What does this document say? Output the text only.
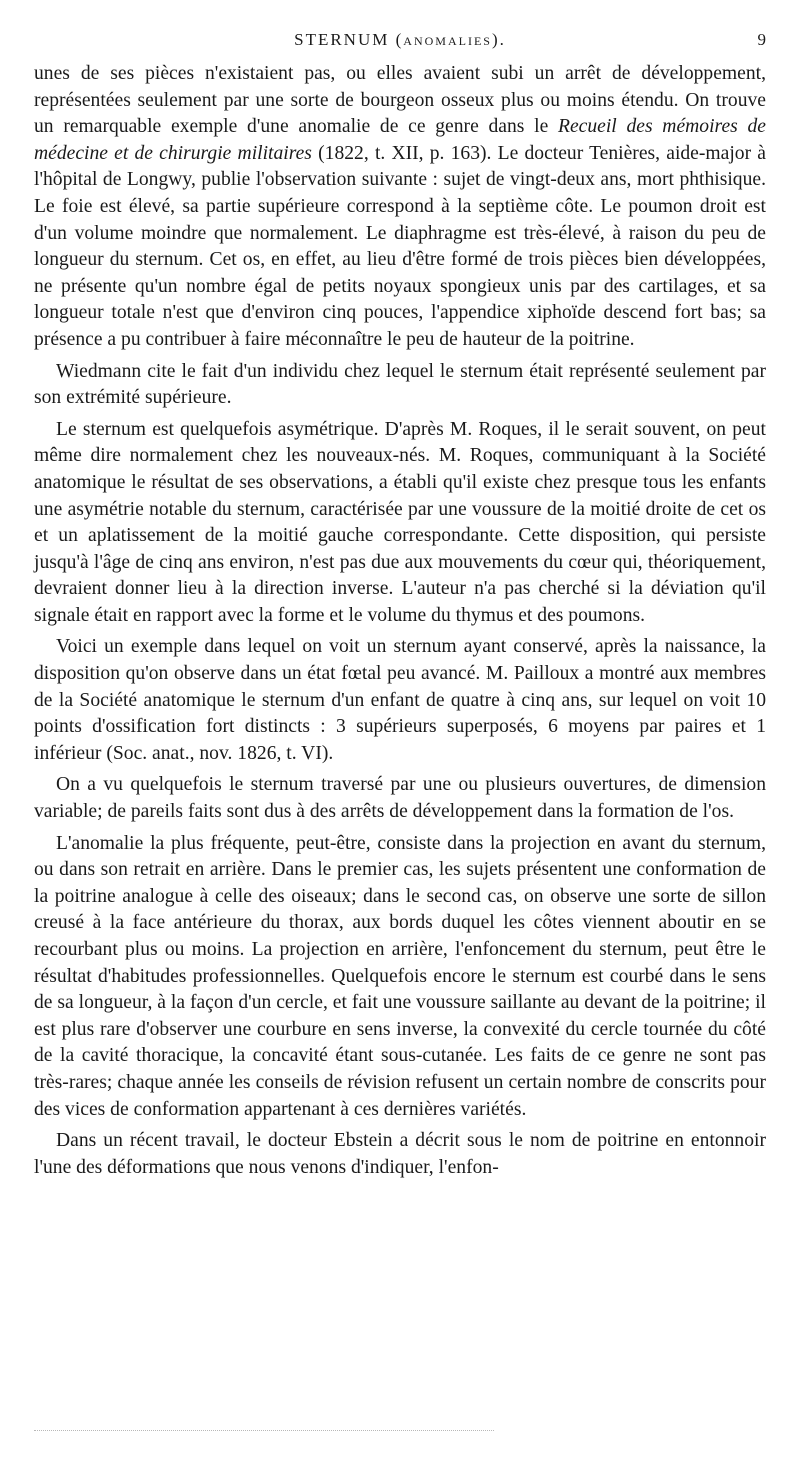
STERNUM (ANOMALIES).	9

unes de ses pièces n'existaient pas, ou elles avaient subi un arrêt de développement, représentées seulement par une sorte de bourgeon osseux plus ou moins étendu. On trouve un remarquable exemple d'une anomalie de ce genre dans le Recueil des mémoires de médecine et de chirurgie militaires (1822, t. XII, p. 163). Le docteur Tenières, aide-major à l'hôpital de Longwy, publie l'observation suivante : sujet de vingt-deux ans, mort phthisique. Le foie est élevé, sa partie supérieure correspond à la septième côte. Le poumon droit est d'un volume moindre que normalement. Le diaphragme est très-élevé, à raison du peu de longueur du sternum. Cet os, en effet, au lieu d'être formé de trois pièces bien développées, ne présente qu'un nombre égal de petits noyaux spongieux unis par des cartilages, et sa longueur totale n'est que d'environ cinq pouces, l'appendice xiphoïde descend fort bas; sa présence a pu contribuer à faire méconnaître le peu de hauteur de la poitrine.

Wiedmann cite le fait d'un individu chez lequel le sternum était représenté seulement par son extrémité supérieure.

Le sternum est quelquefois asymétrique. D'après M. Roques, il le serait souvent, on peut même dire normalement chez les nouveaux-nés. M. Roques, communiquant à la Société anatomique le résultat de ses observations, a établi qu'il existe chez presque tous les enfants une asymétrie notable du sternum, caractérisée par une voussure de la moitié droite de cet os et un aplatissement de la moitié gauche correspondante. Cette disposition, qui persiste jusqu'à l'âge de cinq ans environ, n'est pas due aux mouvements du cœur qui, théoriquement, devraient donner lieu à la direction inverse. L'auteur n'a pas cherché si la déviation qu'il signale était en rapport avec la forme et le volume du thymus et des poumons.

Voici un exemple dans lequel on voit un sternum ayant conservé, après la naissance, la disposition qu'on observe dans un état fœtal peu avancé. M. Pailloux a montré aux membres de la Société anatomique le sternum d'un enfant de quatre à cinq ans, sur lequel on voit 10 points d'ossification fort distincts : 3 supérieurs superposés, 6 moyens par paires et 1 inférieur (Soc. anat., nov. 1826, t. VI).

On a vu quelquefois le sternum traversé par une ou plusieurs ouvertures, de dimension variable; de pareils faits sont dus à des arrêts de développement dans la formation de l'os.

L'anomalie la plus fréquente, peut-être, consiste dans la projection en avant du sternum, ou dans son retrait en arrière. Dans le premier cas, les sujets présentent une conformation de la poitrine analogue à celle des oiseaux; dans le second cas, on observe une sorte de sillon creusé à la face antérieure du thorax, aux bords duquel les côtes viennent aboutir en se recourbant plus ou moins. La projection en arrière, l'enfoncement du sternum, peut être le résultat d'habitudes professionnelles. Quelquefois encore le sternum est courbé dans le sens de sa longueur, à la façon d'un cercle, et fait une voussure saillante au devant de la poitrine; il est plus rare d'observer une courbure en sens inverse, la convexité du cercle tournée du côté de la cavité thoracique, la concavité étant sous-cutanée. Les faits de ce genre ne sont pas très-rares; chaque année les conseils de révision refusent un certain nombre de conscrits pour des vices de conformation appartenant à ces dernières variétés.

Dans un récent travail, le docteur Ebstein a décrit sous le nom de poitrine en entonnoir l'une des déformations que nous venons d'indiquer, l'enfon-
